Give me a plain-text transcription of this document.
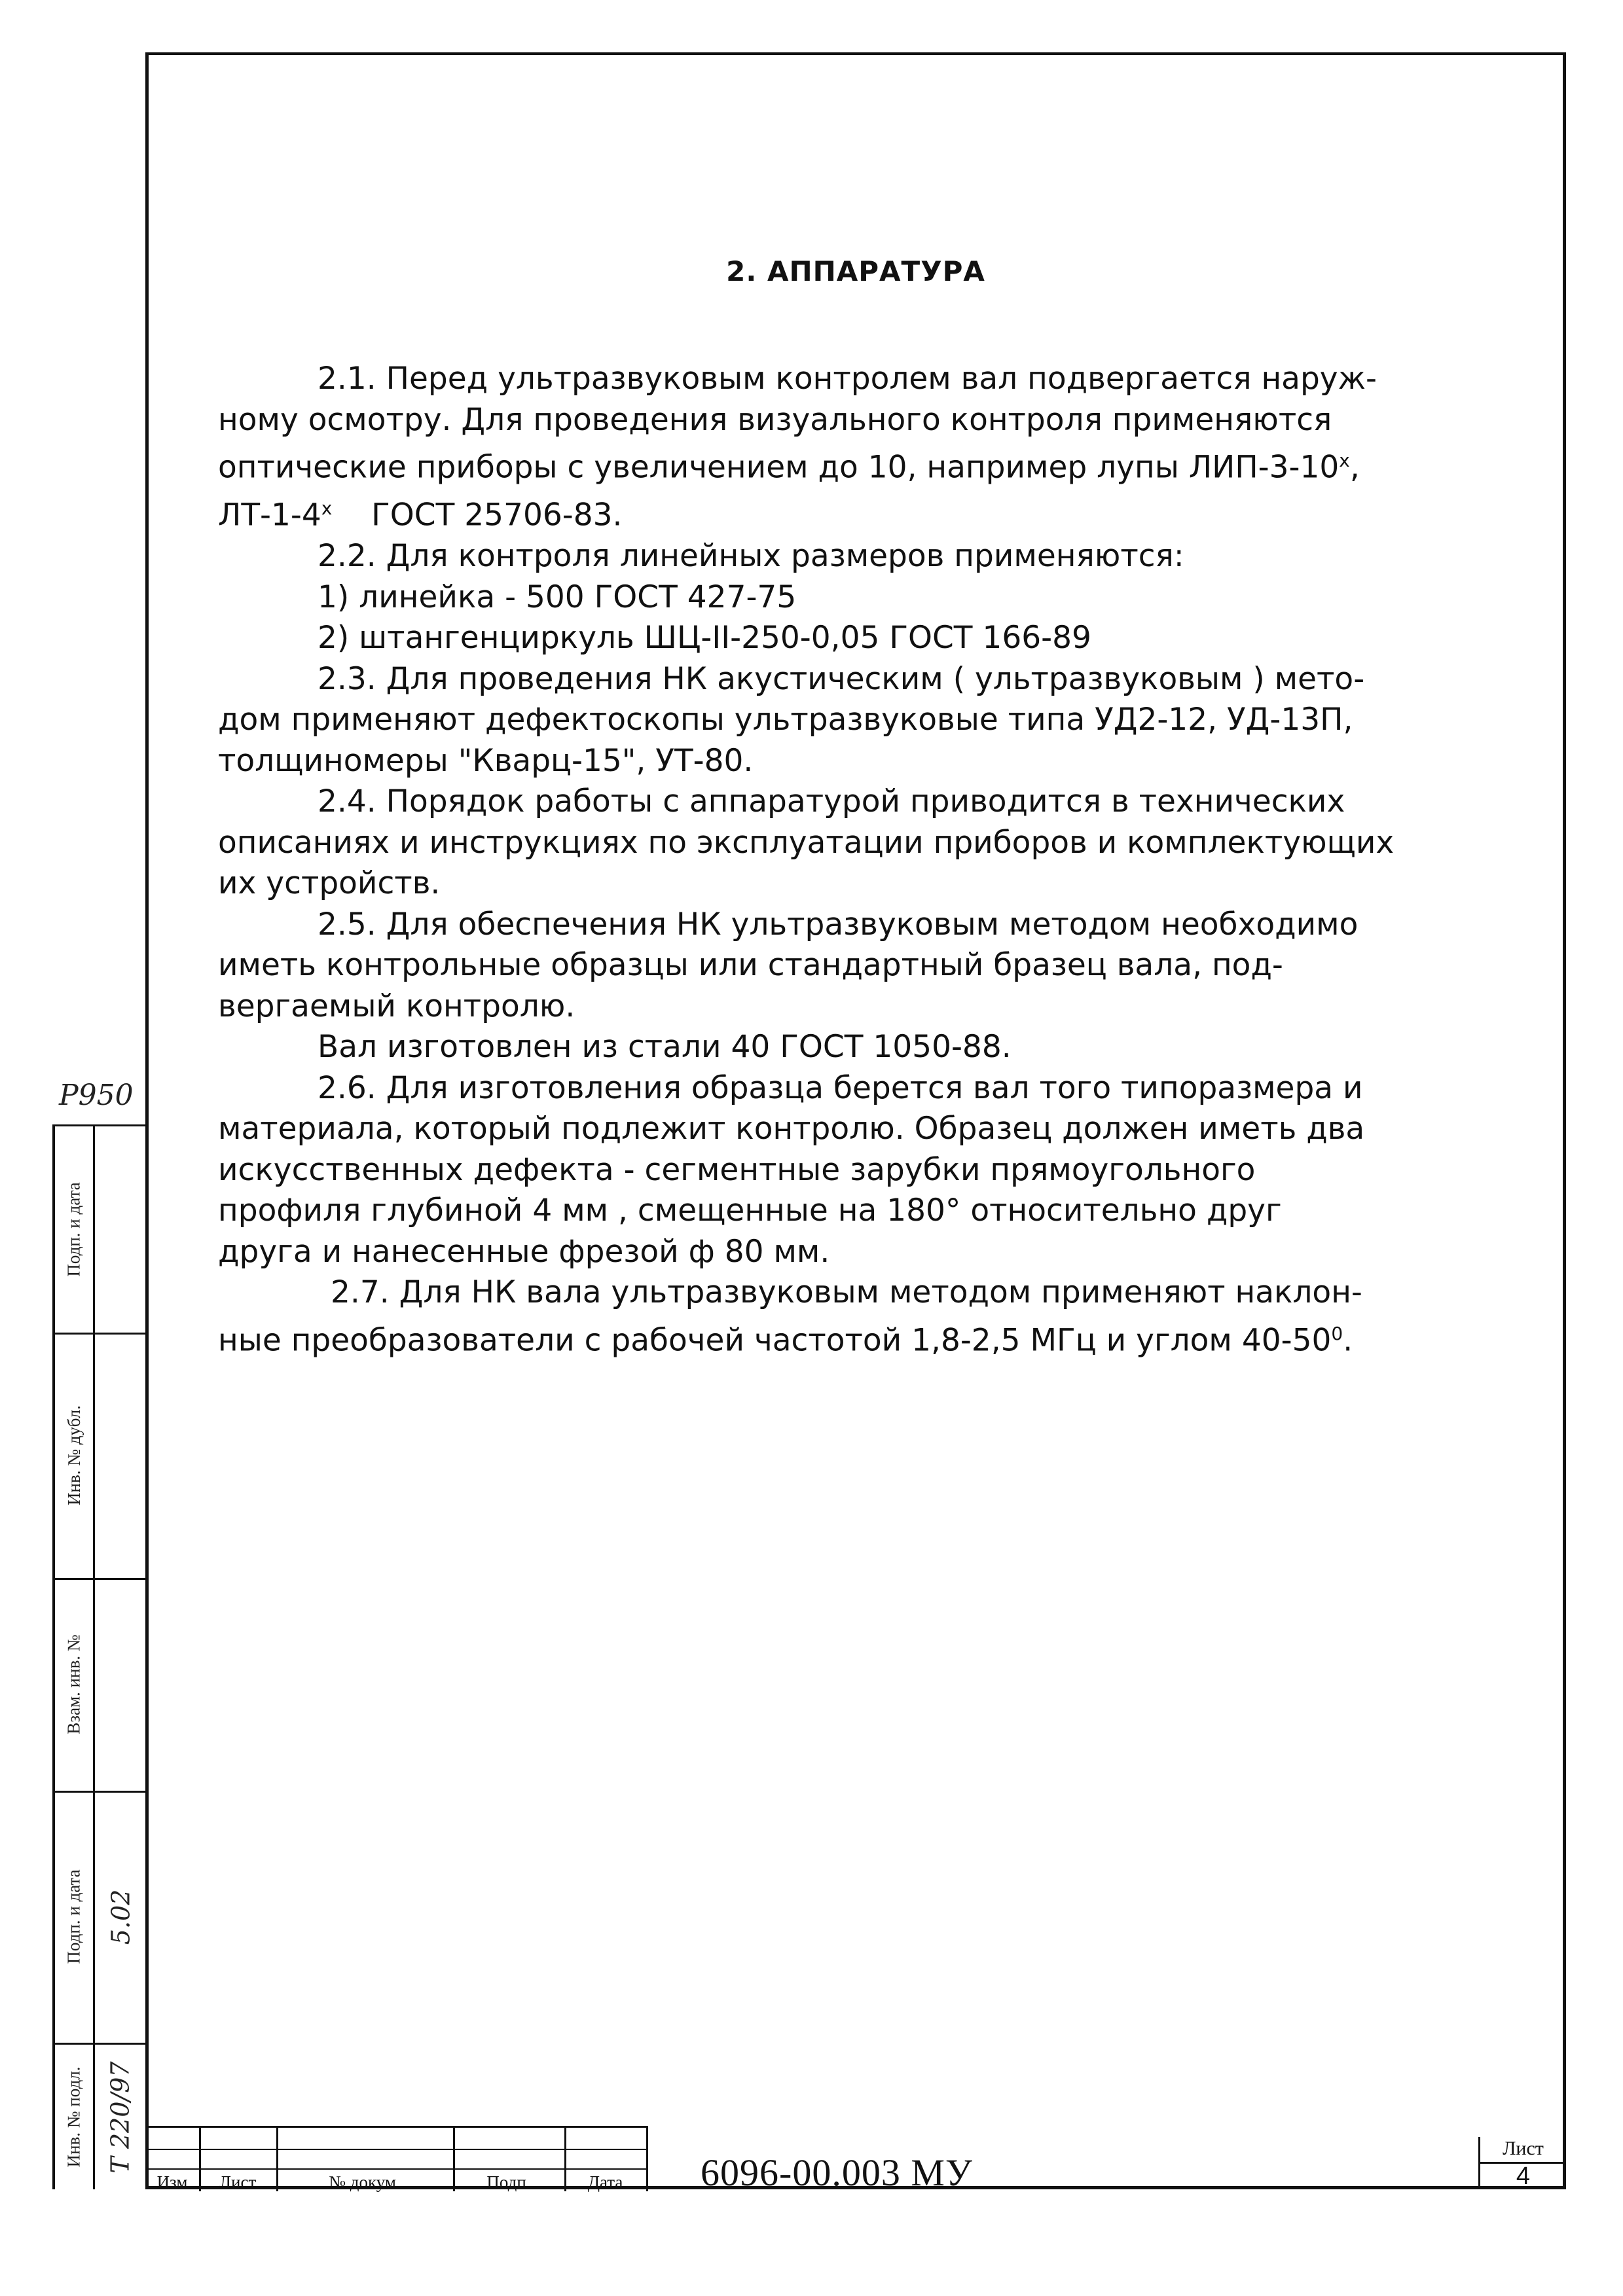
2. АППАРАТУРА
2.1. Перед ультразвуковым контролем вал подвергается наруж-
ному осмотру. Для проведения визуального контроля применяются
оптические приборы с увеличением до 10, например лупы ЛИП-3-10$^x$,
ЛТ-1-4$^x$ ГОСТ 25706-83.
2.2. Для контроля линейных размеров применяются:
1) линейка - 500 ГОСТ 427-75
2) штангенциркуль ШЦ-II-250-0,05 ГОСТ 166-89
2.3. Для проведения НК акустическим ( ультразвуковым ) мето-
дом применяют дефектоскопы ультразвуковые типа УД2-12, УД-13П,
толщиномеры "Кварц-15", УТ-80.
2.4. Порядок работы с аппаратурой приводится в технических
описаниях и инструкциях по эксплуатации приборов и комплектующих
их устройств.
2.5. Для обеспечения НК ультразвуковым методом необходимо
иметь контрольные образцы или стандартный бразец вала, под-
вергаемый контролю.
Вал изготовлен из стали 40 ГОСТ 1050-88.
2.6. Для изготовления образца берется вал того типоразмера и
материала, который подлежит контролю. Образец должен иметь два
искусственных дефекта - сегментные зарубки прямоугольного
профиля глубиной 4 мм , смещенные на 180° относительно друг
друга и нанесенные фрезой ф 80 мм.
2.7. Для НК вала ультразвуковым методом применяют наклон-
ные преобразователи с рабочей частотой 1,8-2,5 МГц и углом $40-50^0$.
P950
Подп. и дата
Инв. № дубл.
Взам. инв. №
Подп. и дата
Инв. № подл.
5.02
Т 220/97
Лист
Изм	№ докум.	Подп.	Дата	6096-00.003 МУ
Лист
4
